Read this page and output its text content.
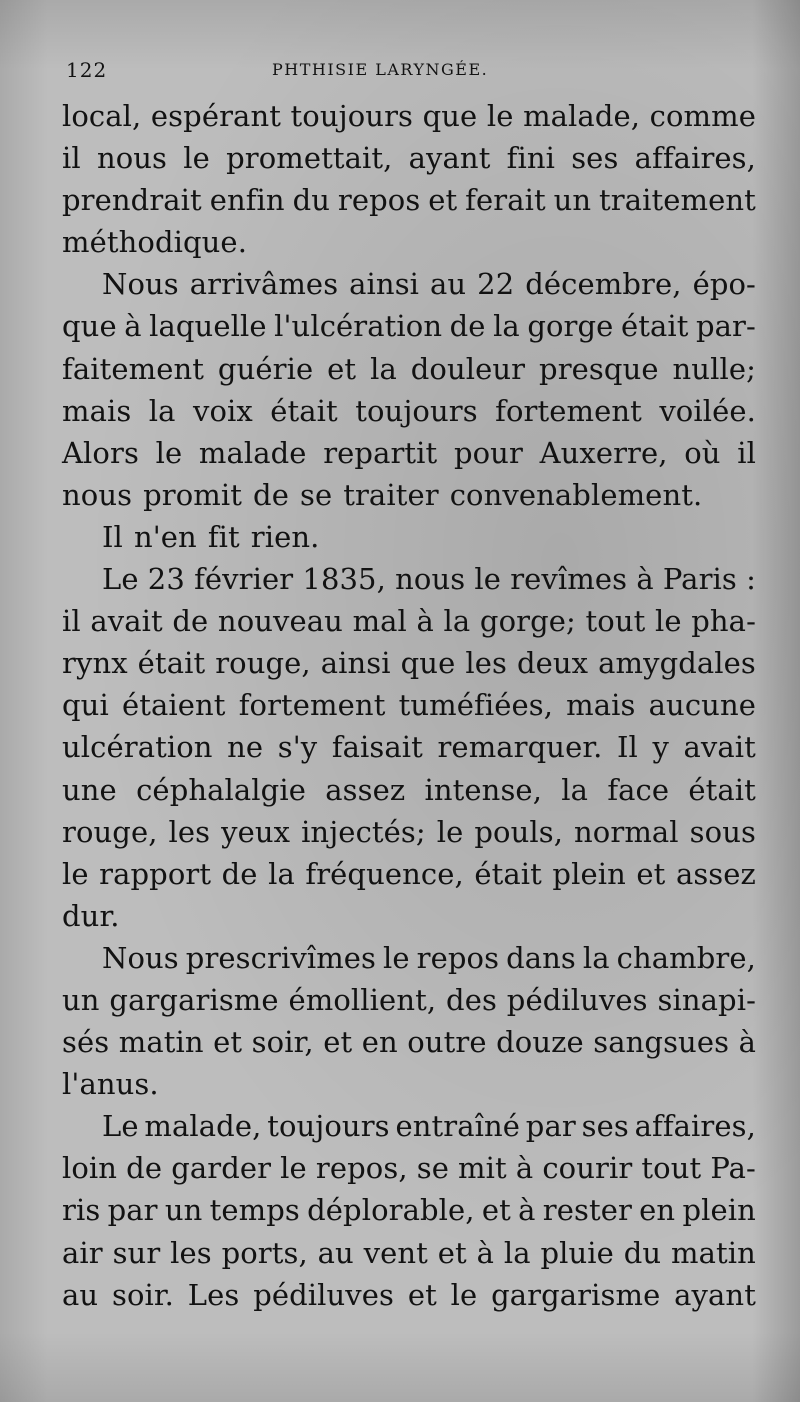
122	PHTHISIE LARYNGÉE.
local, espérant toujours que le malade, comme
il nous le promettait, ayant fini ses affaires,
prendrait enfin du repos et ferait un traitement
méthodique.
Nous arrivâmes ainsi au 22 décembre, épo-
que à laquelle l'ulcération de la gorge était par-
faitement guérie et la douleur presque nulle;
mais la voix était toujours fortement voilée.
Alors le malade repartit pour Auxerre, où il
nous promit de se traiter convenablement.
Il n'en fit rien.
Le 23 février 1835, nous le revîmes à Paris :
il avait de nouveau mal à la gorge; tout le pha-
rynx était rouge, ainsi que les deux amygdales
qui étaient fortement tuméfiées, mais aucune
ulcération ne s'y faisait remarquer. Il y avait
une céphalalgie assez intense, la face était
rouge, les yeux injectés; le pouls, normal sous
le rapport de la fréquence, était plein et assez
dur.
Nous prescrivîmes le repos dans la chambre,
un gargarisme émollient, des pédiluves sinapi-
sés matin et soir, et en outre douze sangsues à
l'anus.
Le malade, toujours entraîné par ses affaires,
loin de garder le repos, se mit à courir tout Pa-
ris par un temps déplorable, et à rester en plein
air sur les ports, au vent et à la pluie du matin
au soir. Les pédiluves et le gargarisme ayant
